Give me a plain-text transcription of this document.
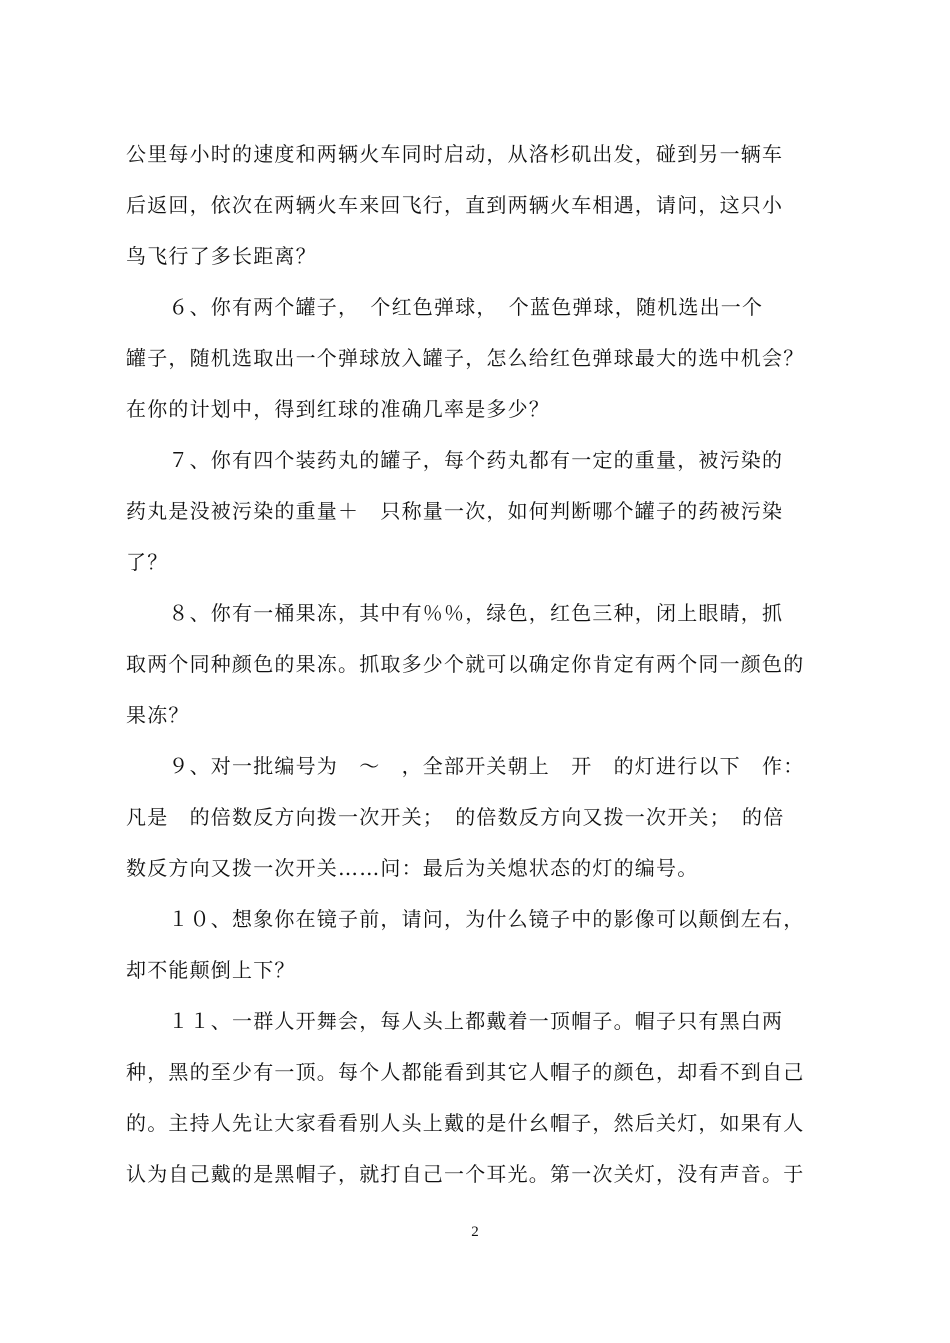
公里每小时的速度和两辆火车同时启动，从洛杉矶出发，碰到另一辆车
后返回，依次在两辆火车来回飞行，直到两辆火车相遇，请问，这只小
鸟飞行了多长距离？
　　６、你有两个罐子，　个红色弹球，　个蓝色弹球，随机选出一个
罐子，随机选取出一个弹球放入罐子，怎么给红色弹球最大的选中机会？
在你的计划中，得到红球的准确几率是多少？
　　７、你有四个装药丸的罐子，每个药丸都有一定的重量，被污染的
药丸是没被污染的重量＋　只称量一次，如何判断哪个罐子的药被污染
了？
　　８、你有一桶果冻，其中有％％，绿色，红色三种，闭上眼睛，抓
取两个同种颜色的果冻。抓取多少个就可以确定你肯定有两个同一颜色的
果冻？
　　９、对一批编号为　～　，全部开关朝上　开　的灯进行以下　作：
凡是　的倍数反方向拨一次开关；　的倍数反方向又拨一次开关；　的倍
数反方向又拨一次开关……问：最后为关熄状态的灯的编号。
　　１０、想象你在镜子前，请问，为什么镜子中的影像可以颠倒左右，
却不能颠倒上下？
　　１１、一群人开舞会，每人头上都戴着一顶帽子。帽子只有黑白两
种，黑的至少有一顶。每个人都能看到其它人帽子的颜色，却看不到自己
的。主持人先让大家看看别人头上戴的是什幺帽子，然后关灯，如果有人
认为自己戴的是黑帽子，就打自己一个耳光。第一次关灯，没有声音。于
2
